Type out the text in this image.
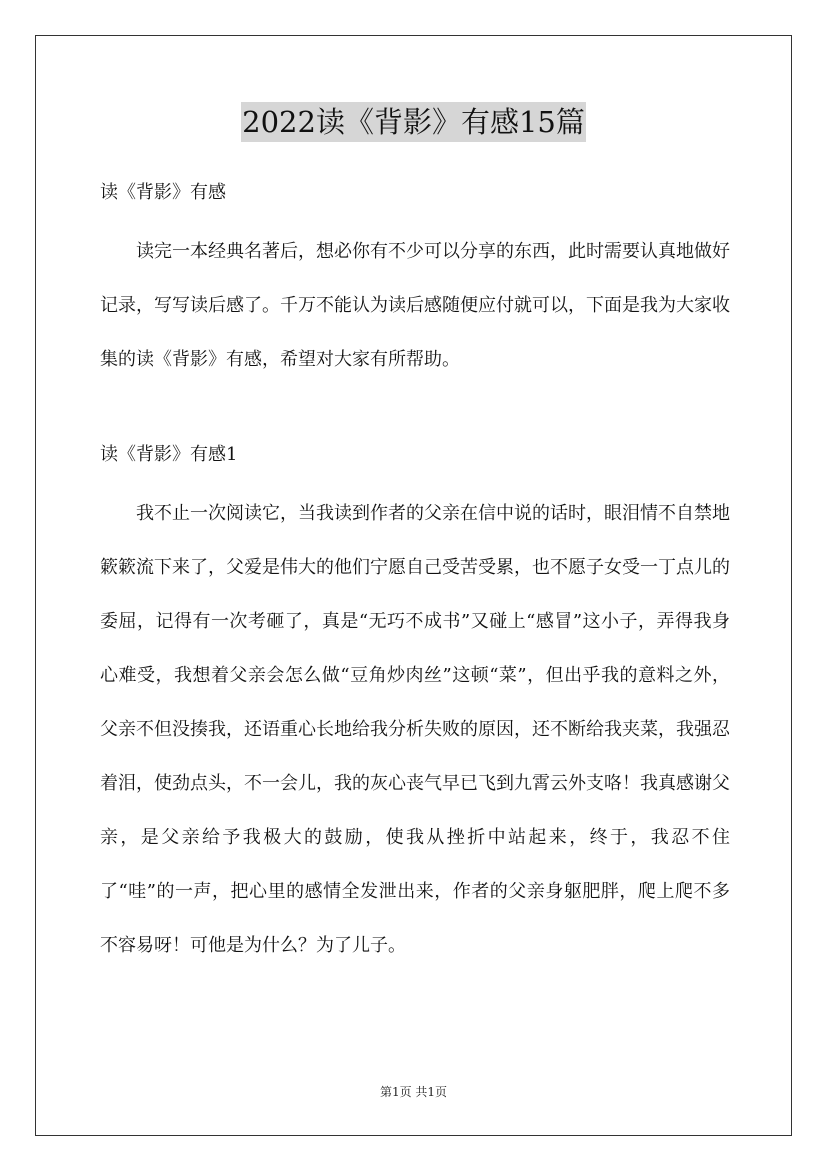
2022读《背影》有感15篇

读《背影》有感

读完一本经典名著后，想必你有不少可以分享的东西，此时需要认真地做好记录，写写读后感了。千万不能认为读后感随便应付就可以，下面是我为大家收集的读《背影》有感，希望对大家有所帮助。

读《背影》有感1

我不止一次阅读它，当我读到作者的父亲在信中说的话时，眼泪情不自禁地簌簌流下来了，父爱是伟大的他们宁愿自己受苦受累，也不愿子女受一丁点儿的委屈，记得有一次考砸了，真是“无巧不成书”又碰上“感冒”这小子，弄得我身心难受，我想着父亲会怎么做“豆角炒肉丝”这顿“菜”，但出乎我的意料之外，父亲不但没揍我，还语重心长地给我分析失败的原因，还不断给我夹菜，我强忍着泪，使劲点头，不一会儿，我的灰心丧气早已飞到九霄云外支咯！我真感谢父亲，是父亲给予我极大的鼓励，使我从挫折中站起来，终于，我忍不住了“哇”的一声，把心里的感情全发泄出来，作者的父亲身躯肥胖，爬上爬不多不容易呀！可他是为什么？为了儿子。

第1页 共1页
